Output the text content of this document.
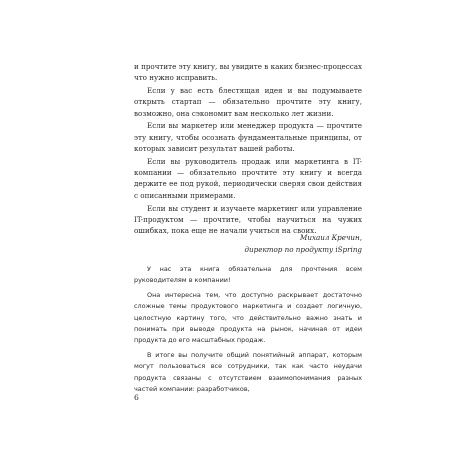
и прочтите эту книгу, вы увидите в каких бизнес-процессах что нужно исправить.

Если у вас есть блестящая идея и вы подумываете открыть стартап — обязательно прочтите эту книгу, возможно, она сэкономит вам несколько лет жизни.

Если вы маркетер или менеджер продукта — прочтите эту книгу, чтобы осознать фундаментальные принципы, от которых зависит результат вашей работы.

Если вы руководитель продаж или маркетинга в IT-компании — обязательно прочтите эту книгу и всегда держите ее под рукой, периодически сверяя свои действия с описанными примерами.

Если вы студент и изучаете маркетинг или управление IT-продуктом — прочтите, чтобы научиться на чужих ошибках, пока еще не начали учиться на своих.

Михаил Кречин,
директор по продукту iSpring

У нас эта книга обязательна для прочтения всем руководителям в компании!

Она интересна тем, что доступно раскрывает достаточно сложные темы продуктового маркетинга и создает логичную, целостную картину того, что действительно важно знать и понимать при выводе продукта на рынок, начиная от идеи продукта до его масштабных продаж.

В итоге вы получите общий понятийный аппарат, которым могут пользоваться все сотрудники, так как часто неудачи продукта связаны с отсутствием взаимопонимания разных частей компании: разработчиков,

6
